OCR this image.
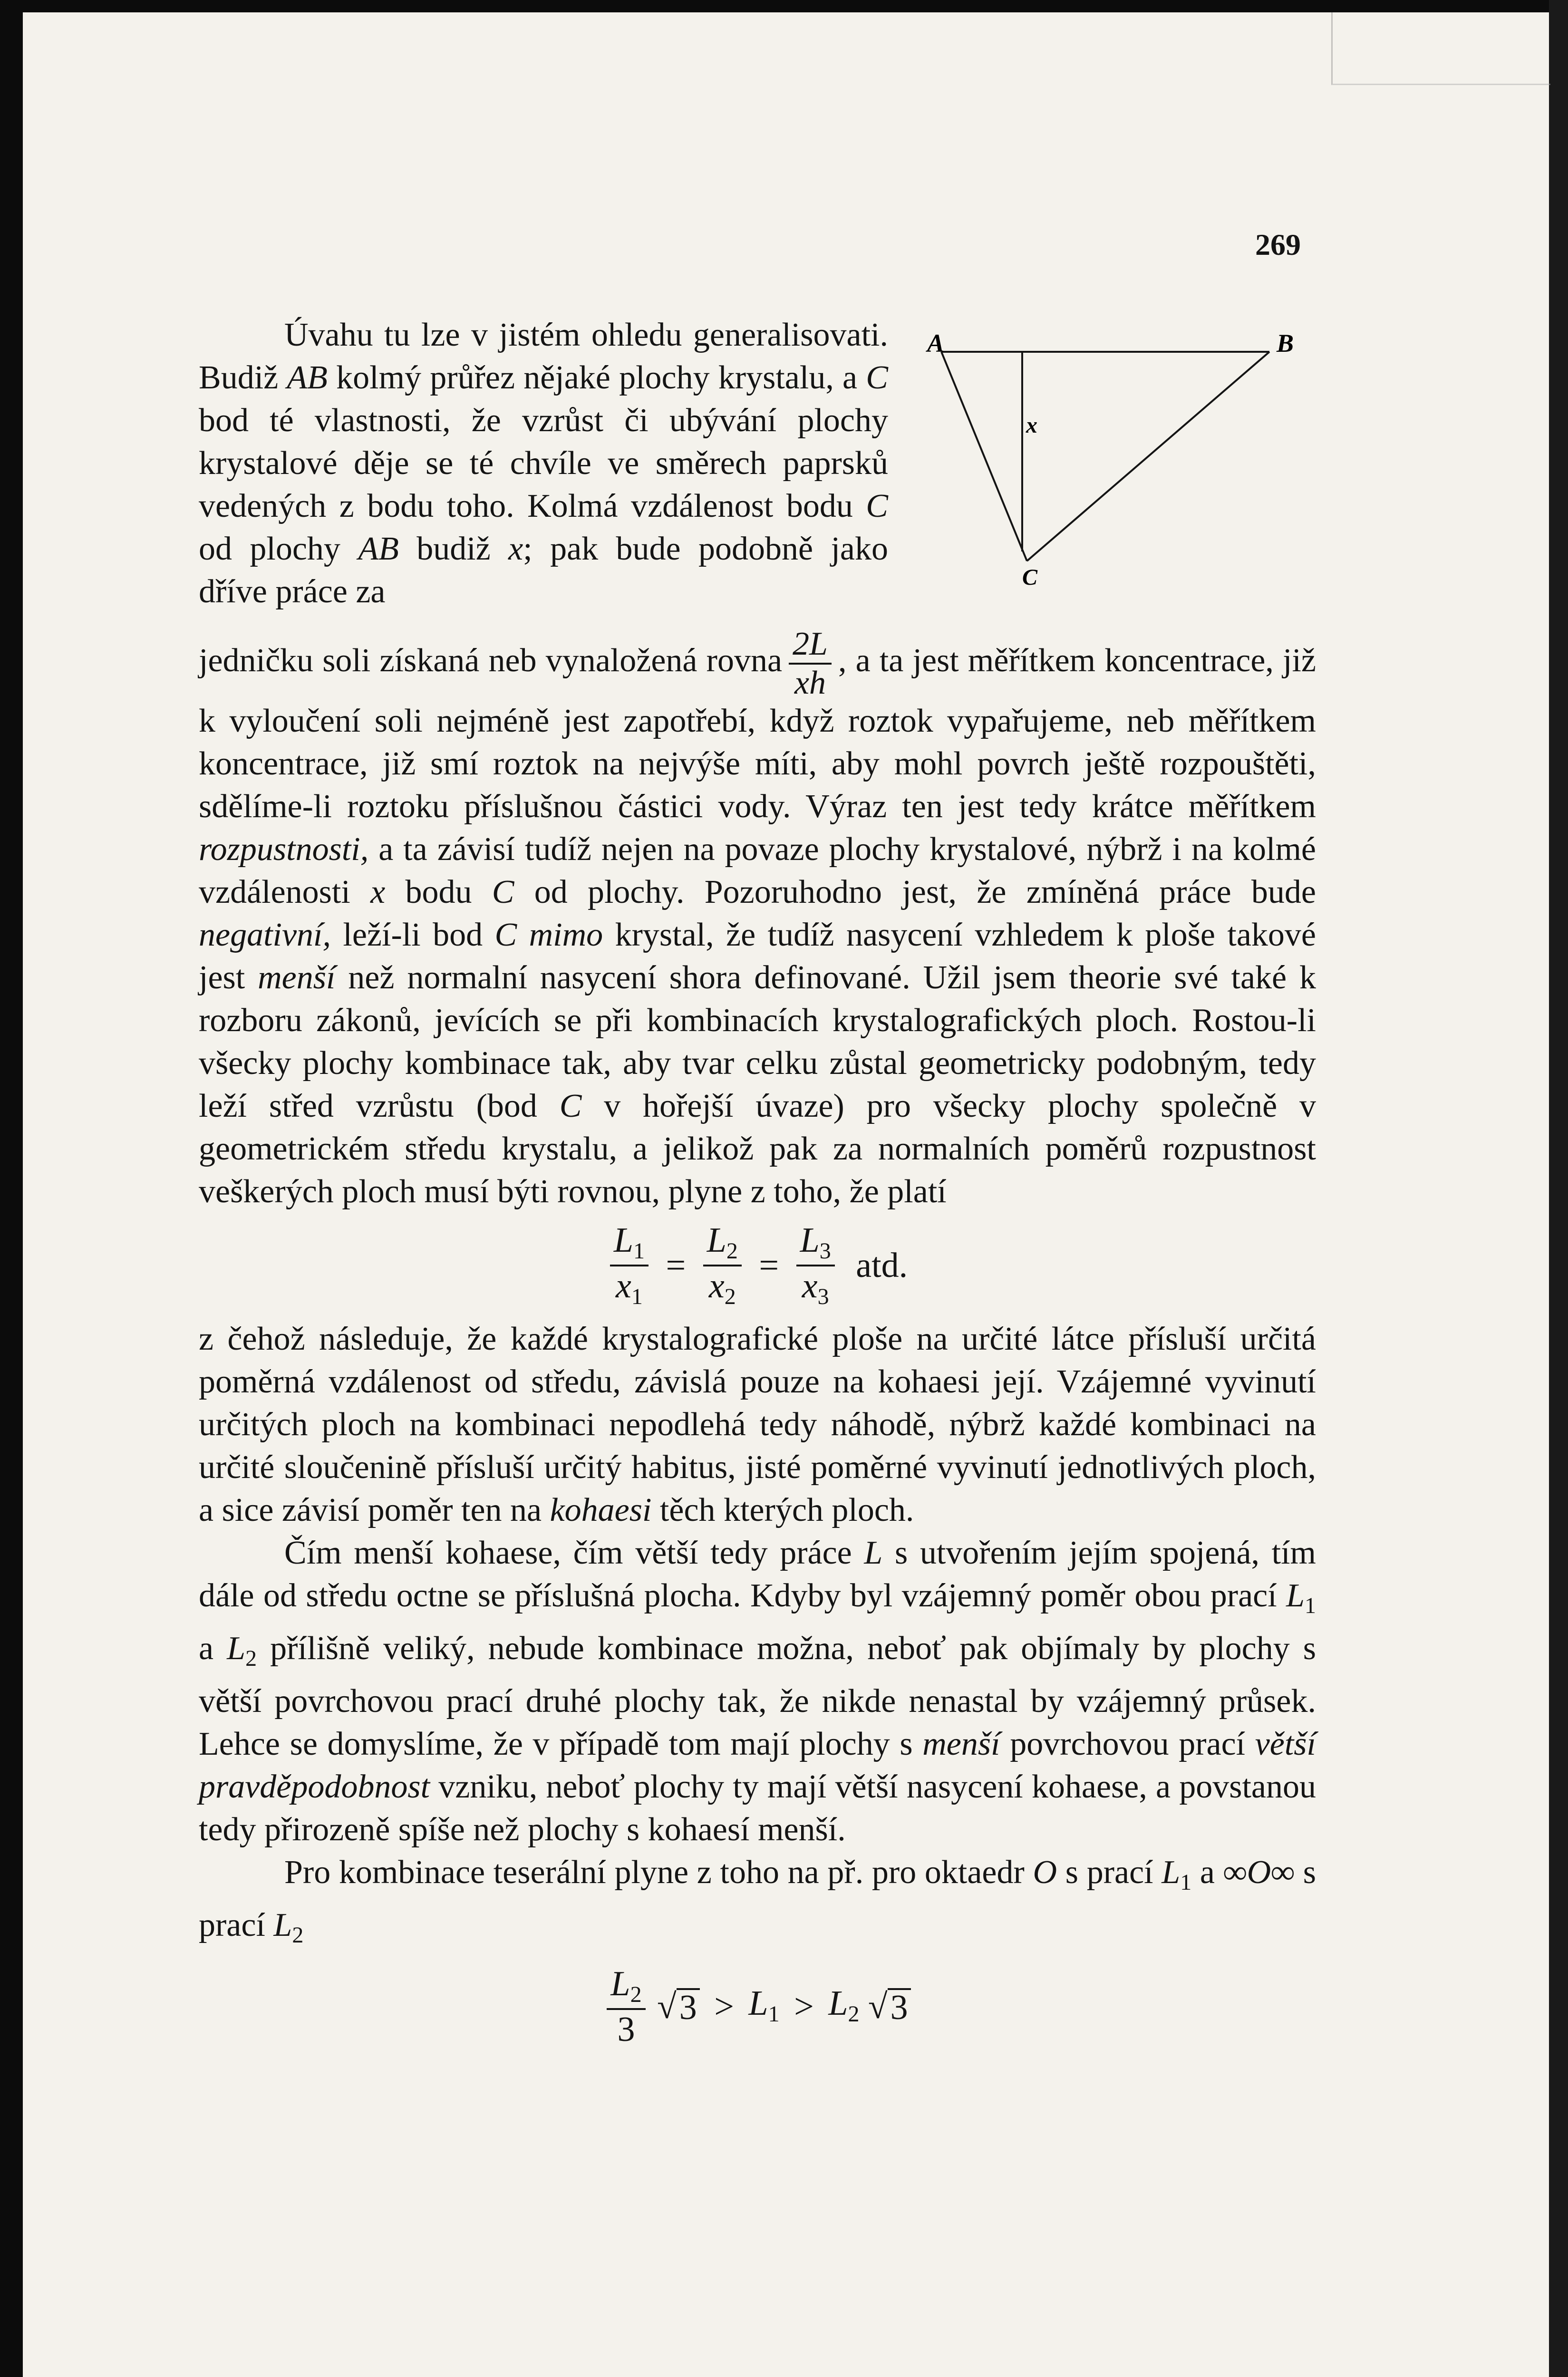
269
A	B
x
C

Úvahu tu lze v jistém ohledu generalisovati. Budiž AB kolmý průřez nějaké plochy krystalu, a C bod té vlastnosti, že vzrůst či ubývání plochy krystalové děje se té chvíle ve směrech paprsků vedených z bodu toho. Kolmá vzdálenost bodu C od plochy AB budiž x; pak bude podobně jako dříve práce za

jedničku soli získaná neb vynaložená rovna $\frac{2L}{xh}$ , a ta jest měřítkem koncentrace, již k vyloučení soli nejméně jest zapotřebí, když roztok vypařujeme, neb měřítkem koncentrace, již smí roztok na nejvýše míti, aby mohl povrch ještě rozpouštěti, sdělíme-li roztoku příslušnou částici vody. Výraz ten jest tedy krátce měřítkem rozpustnosti, a ta závisí tudíž nejen na povaze plochy krystalové, nýbrž i na kolmé vzdálenosti x bodu C od plochy. Pozoruhodno jest, že zmíněná práce bude negativní, leží-li bod C mimo krystal, že tudíž nasycení vzhledem k ploše takové jest menší než normalní nasycení shora definované. Užil jsem theorie své také k rozboru zákonů, jevících se při kombinacích krystalografických ploch. Rostou-li všecky plochy kombinace tak, aby tvar celku zůstal geometricky podobným, tedy leží střed vzrůstu (bod C v hořejší úvaze) pro všecky plochy společně v geometrickém středu krystalu, a jelikož pak za normalních poměrů rozpustnost veškerých ploch musí býti rovnou, plyne z toho, že platí

$\frac{L_1}{x_1} = \frac{L_2}{x_2} = \frac{L_3}{x_3}$ atd.

z čehož následuje, že každé krystalografické ploše na určité látce přísluší určitá poměrná vzdálenost od středu, závislá pouze na kohaesi její. Vzájemné vyvinutí určitých ploch na kombinaci nepodlehá tedy náhodě, nýbrž každé kombinaci na určité sloučenině přísluší určitý habitus, jisté poměrné vyvinutí jednotlivých ploch, a sice závisí poměr ten na kohaesi těch kterých ploch.

Čím menší kohaese, čím větší tedy práce L s utvořením jejím spojená, tím dále od středu octne se příslušná plocha. Kdyby byl vzájemný poměr obou prací $L_1$ a $L_2$ přílišně veliký, nebude kombinace možna, neboť pak objímaly by plochy s větší povrchovou prací druhé plochy tak, že nikde nenastal by vzájemný průsek. Lehce se domyslíme, že v případě tom mají plochy s menší povrchovou prací větší pravděpodobnost vzniku, neboť plochy ty mají větší nasycení kohaese, a povstanou tedy přirozeně spíše než plochy s kohaesí menší.

Pro kombinace teserální plyne z toho na př. pro oktaedr O s prací $L_1$ a ∞O∞ s prací $L_2$

$\frac{L_2}{3} √3 > L_1 > L_2$ √3
